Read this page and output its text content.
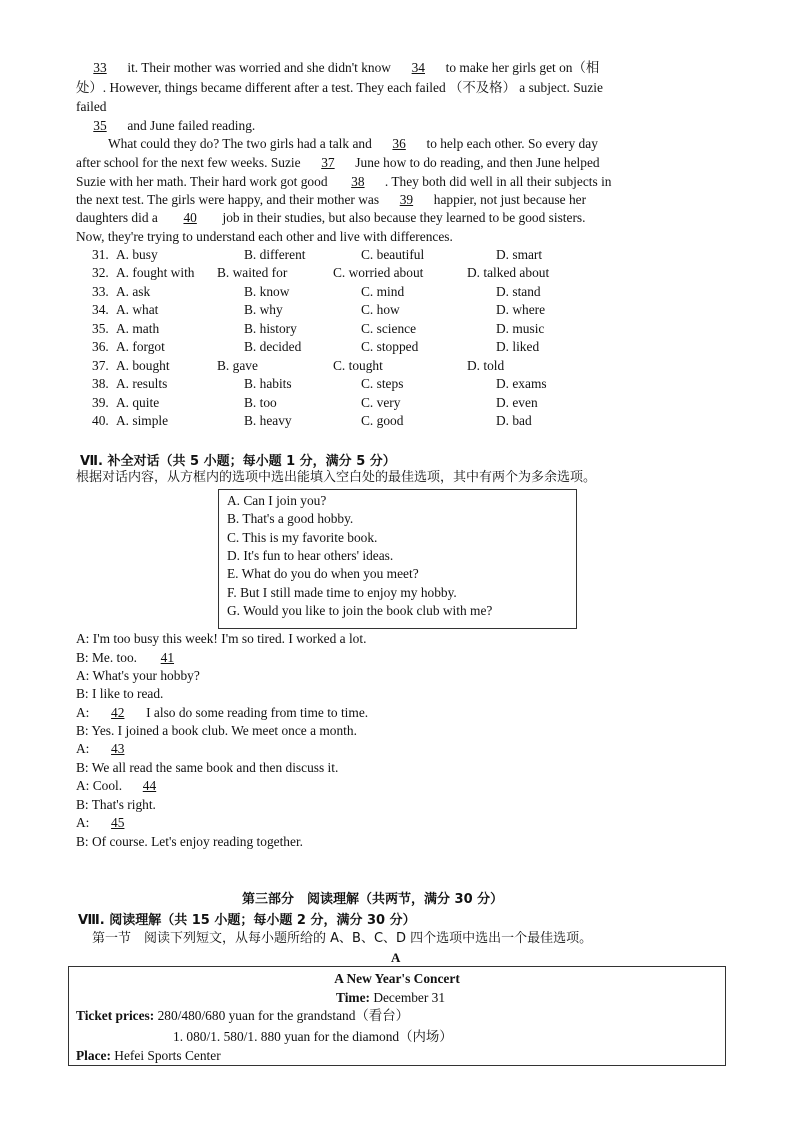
33 it. Their mother was worried and she didn't know 34 to make her girls get on（相
处）. However, things became different after a test. They each failed （不及格） a subject. Suzie
failed
35 and June failed reading.
What could they do? The two girls had a talk and 36 to help each other. So every day
after school for the next few weeks. Suzie 37 June how to do reading, and then June helped
Suzie with her math. Their hard work got good 38 . They both did well in all their subjects in
the next test. The girls were happy, and their mother was 39 happier, not just because her
daughters did a 40 job in their studies, but also because they learned to be good sisters.
Now, they're trying to understand each other and live with differences.
31. A. busy	B. different	C. beautiful	D. smart
32. A. fought with B. waited for	C. worried about	D. talked about
33. A. ask	B. know	C. mind	D. stand
34. A. what	B. why	C. how	D. where
35. A. math	B. history	C. science	D. music
36. A. forgot	B. decided	C. stopped	D. liked
37. A. bought	B. gave	C. tought	D. told
38. A. results	B. habits	C. steps	D. exams
39. A. quite	B. too	C. very	D. even
40. A. simple	B. heavy	C. good	D. bad
Ⅶ. 补全对话（共 5 小题；每小题 1 分，满分 5 分）
根据对话内容，从方框内的选项中选出能填入空白处的最佳选项，其中有两个为多余选项。
A. Can I join you?
B. That's a good hobby.
C. This is my favorite book.
D. It's fun to hear others' ideas.
E. What do you do when you meet?
F. But I still made time to enjoy my hobby.
G. Would you like to join the book club with me?
A: I'm too busy this week! I'm so tired. I worked a lot.
B: Me. too. 41
A: What's your hobby?
B: I like to read.
A: 42 I also do some reading from time to time.
B: Yes. I joined a book club. We meet once a month.
A: 43
B: We all read the same book and then discuss it.
A: Cool. 44
B: That's right.
A: 45
B: Of course. Let's enjoy reading together.
第三部分　阅读理解（共两节，满分 30 分）
Ⅷ. 阅读理解（共 15 小题；每小题 2 分，满分 30 分）
第一节　阅读下列短文，从每小题所给的 A、B、C、D 四个选项中选出一个最佳选项。
A
A New Year's Concert
Time: December 31
Ticket prices: 280/480/680 yuan for the grandstand（看台）
1. 080/1. 580/1. 880 yuan for the diamond（内场）
Place: Hefei Sports Center
